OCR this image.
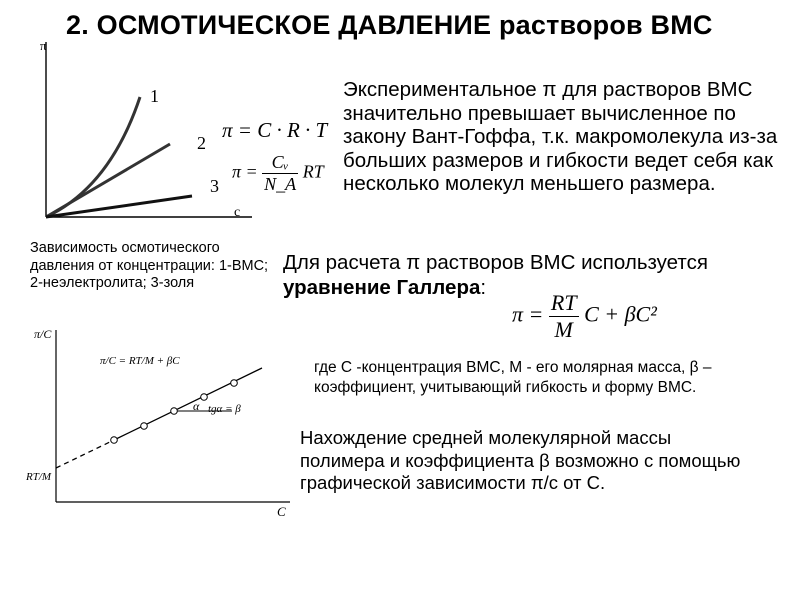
2. ОСМОТИЧЕСКОЕ ДАВЛЕНИЕ растворов ВМС
π
с
1
2
3
π = C · R · T
$\pi = \frac{\text{Cᵥ}}{N\_A}$ RT
Экспериментальное π для растворов ВМС значительно превышает вычисленное по закону Вант-Гоффа, т.к. макромолекула из-за больших размеров и гибкости ведет себя как несколько молекул меньшего размера.
Зависимость осмотического давления от концентрации: 1-ВМС; 2-неэлектролита; 3-золя
Для расчета π растворов ВМС используется уравнение Галлера:
$\pi = \frac{RT}{M}$ C + βC²
где С -концентрация ВМС, М - его молярная масса, β – коэффициент, учитывающий гибкость и форму ВМС.
π/C
C
RT/M
π/C = RT/M + βC
α tgα = β
Нахождение средней молекулярной массы полимера и коэффициента β возможно с помощью графической зависимости π/с от С.
